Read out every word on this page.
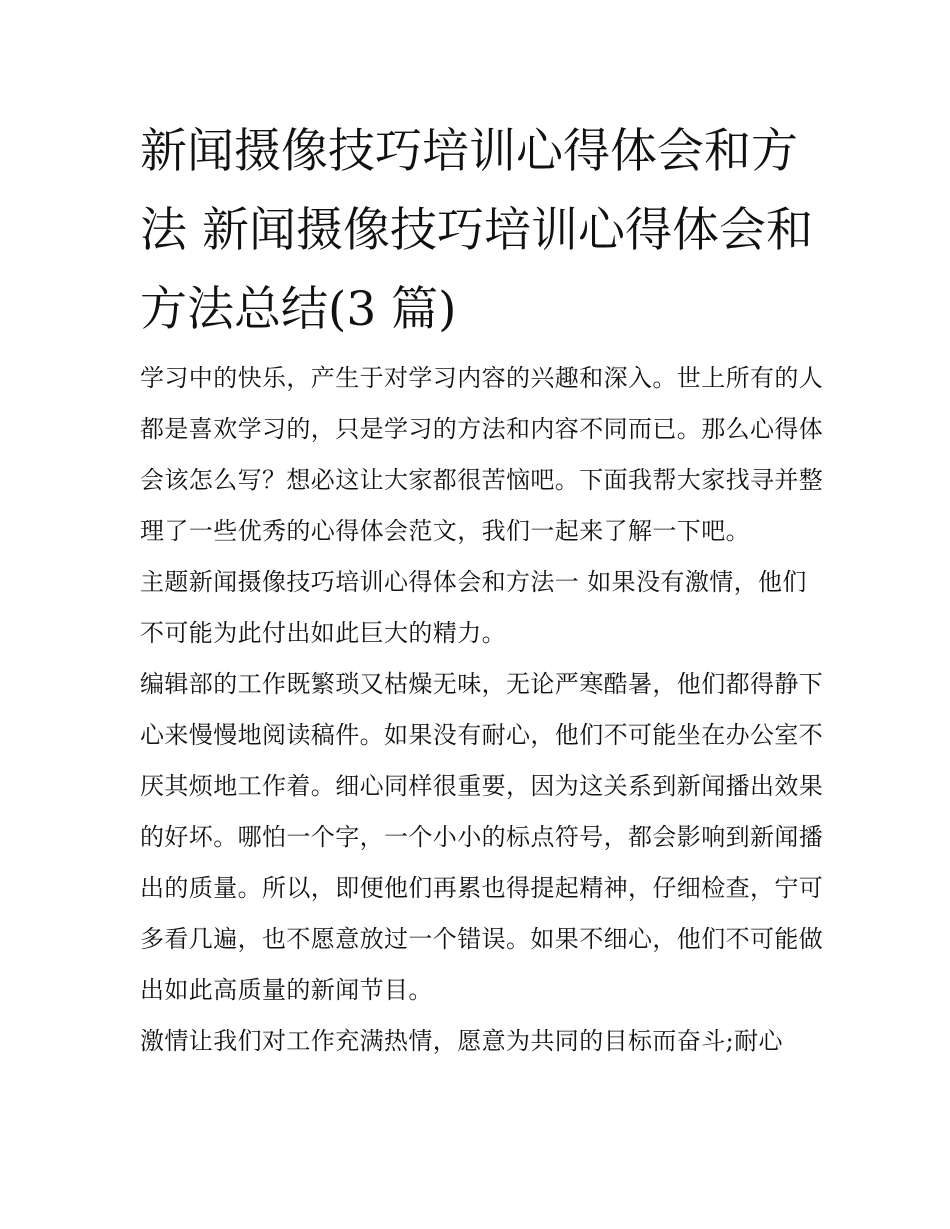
新闻摄像技巧培训心得体会和方法 新闻摄像技巧培训心得体会和方法总结(3 篇)

学习中的快乐，产生于对学习内容的兴趣和深入。世上所有的人都是喜欢学习的，只是学习的方法和内容不同而已。那么心得体会该怎么写？想必这让大家都很苦恼吧。下面我帮大家找寻并整理了一些优秀的心得体会范文，我们一起来了解一下吧。

主题新闻摄像技巧培训心得体会和方法一 如果没有激情，他们不可能为此付出如此巨大的精力。

编辑部的工作既繁琐又枯燥无味，无论严寒酷暑，他们都得静下心来慢慢地阅读稿件。如果没有耐心，他们不可能坐在办公室不厌其烦地工作着。细心同样很重要，因为这关系到新闻播出效果的好坏。哪怕一个字，一个小小的标点符号，都会影响到新闻播出的质量。所以，即便他们再累也得提起精神，仔细检查，宁可多看几遍，也不愿意放过一个错误。如果不细心，他们不可能做出如此高质量的新闻节目。

激情让我们对工作充满热情，愿意为共同的目标而奋斗;耐心
